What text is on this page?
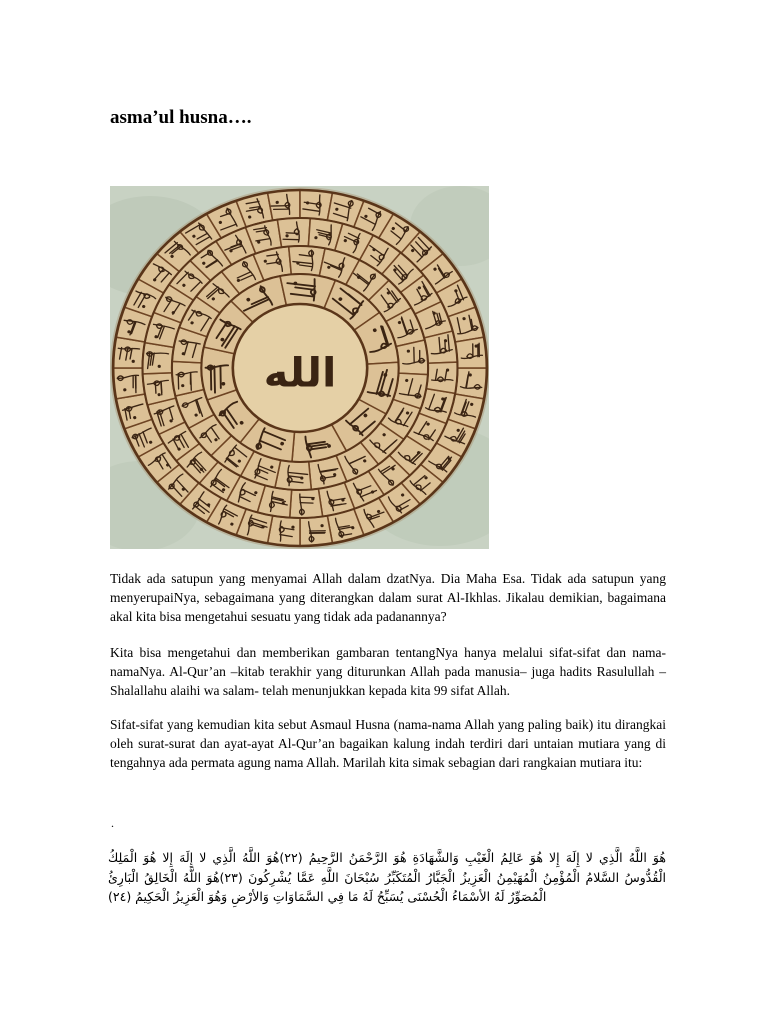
asma’ul husna….
الله

Tidak ada satupun yang menyamai Allah dalam dzatNya. Dia Maha Esa. Tidak ada satupun yang menyerupaiNya, sebagaimana yang diterangkan dalam surat Al-Ikhlas. Jikalau demikian, bagaimana akal kita bisa mengetahui sesuatu yang tidak ada padanannya?

Kita bisa mengetahui dan memberikan gambaran tentangNya hanya melalui sifat-sifat dan nama-namaNya. Al-Qur’an –kitab terakhir yang diturunkan Allah pada manusia– juga hadits Rasulullah –Shalallahu alaihi wa salam- telah menunjukkan kepada kita 99 sifat Allah.

Sifat-sifat yang kemudian kita sebut Asmaul Husna (nama-nama Allah yang paling baik) itu dirangkai oleh surat-surat dan ayat-ayat Al-Qur’an bagaikan kalung indah terdiri dari untaian mutiara yang di tengahnya ada permata agung nama Allah. Marilah kita simak sebagian dari rangkaian mutiara itu:

.

هُوَ اللَّهُ الَّذِي لا إِلَهَ إِلا هُوَ عَالِمُ الْغَيْبِ وَالشَّهَادَةِ هُوَ الرَّحْمَنُ الرَّحِيمُ (٢٢)هُوَ اللَّهُ الَّذِي لا إِلَهَ إِلا هُوَ الْمَلِكُ الْقُدُّوسُ السَّلامُ الْمُؤْمِنُ الْمُهَيْمِنُ الْعَزِيزُ الْجَبَّارُ الْمُتَكَبِّرُ سُبْحَانَ اللَّهِ عَمَّا يُشْرِكُونَ (٢٣)هُوَ اللَّهُ الْخَالِقُ الْبَارِئُ الْمُصَوِّرُ لَهُ الأسْمَاءُ الْحُسْنَى يُسَبِّحُ لَهُ مَا فِي السَّمَاوَاتِ وَالأرْضِ وَهُوَ الْعَزِيزُ الْحَكِيمُ (٢٤)
